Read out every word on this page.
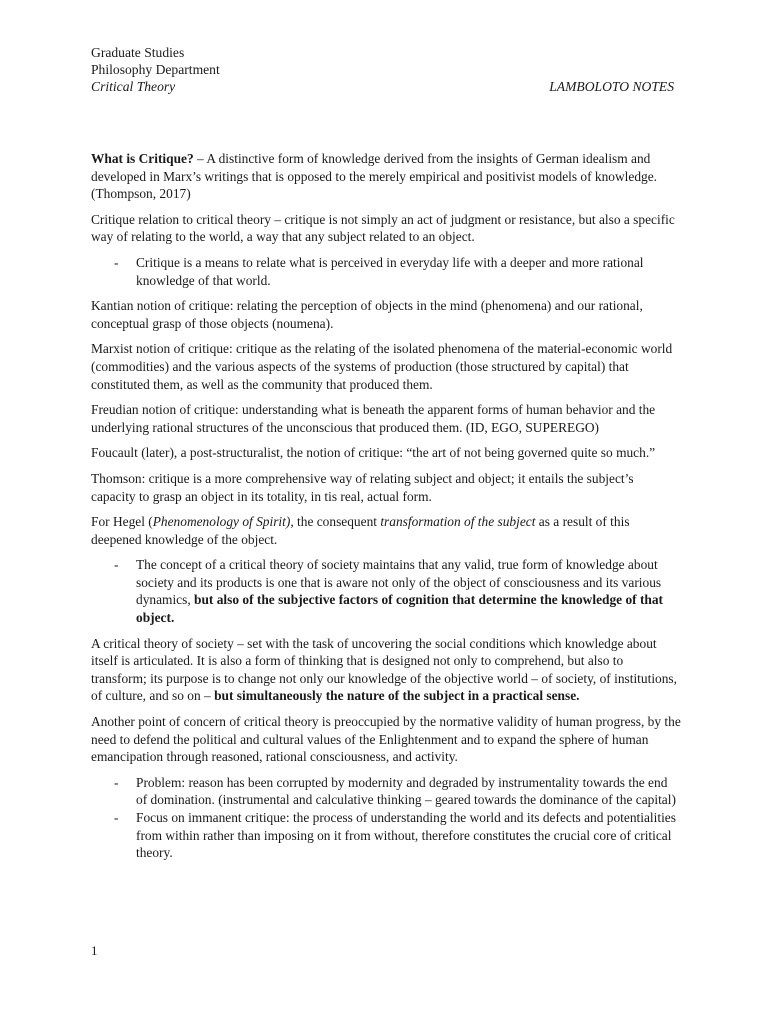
Graduate Studies
Philosophy Department
Critical Theory	LAMBOLOTO NOTES

What is Critique? – A distinctive form of knowledge derived from the insights of German idealism and developed in Marx’s writings that is opposed to the merely empirical and positivist models of knowledge. (Thompson, 2017)

Critique relation to critical theory – critique is not simply an act of judgment or resistance, but also a specific way of relating to the world, a way that any subject related to an object.

- Critique is a means to relate what is perceived in everyday life with a deeper and more rational knowledge of that world.

Kantian notion of critique: relating the perception of objects in the mind (phenomena) and our rational, conceptual grasp of those objects (noumena).

Marxist notion of critique: critique as the relating of the isolated phenomena of the material-economic world (commodities) and the various aspects of the systems of production (those structured by capital) that constituted them, as well as the community that produced them.

Freudian notion of critique: understanding what is beneath the apparent forms of human behavior and the underlying rational structures of the unconscious that produced them. (ID, EGO, SUPEREGO)

Foucault (later), a post-structuralist, the notion of critique: “the art of not being governed quite so much.”

Thomson: critique is a more comprehensive way of relating subject and object; it entails the subject’s capacity to grasp an object in its totality, in tis real, actual form.

For Hegel (Phenomenology of Spirit), the consequent transformation of the subject as a result of this deepened knowledge of the object.

- The concept of a critical theory of society maintains that any valid, true form of knowledge about society and its products is one that is aware not only of the object of consciousness and its various dynamics, but also of the subjective factors of cognition that determine the knowledge of that object.

A critical theory of society – set with the task of uncovering the social conditions which knowledge about itself is articulated. It is also a form of thinking that is designed not only to comprehend, but also to transform; its purpose is to change not only our knowledge of the objective world – of society, of institutions, of culture, and so on – but simultaneously the nature of the subject in a practical sense.

Another point of concern of critical theory is preoccupied by the normative validity of human progress, by the need to defend the political and cultural values of the Enlightenment and to expand the sphere of human emancipation through reasoned, rational consciousness, and activity.

- Problem: reason has been corrupted by modernity and degraded by instrumentality towards the end of domination. (instrumental and calculative thinking – geared towards the dominance of the capital)
- Focus on immanent critique: the process of understanding the world and its defects and potentialities from within rather than imposing on it from without, therefore constitutes the crucial core of critical theory.
1
